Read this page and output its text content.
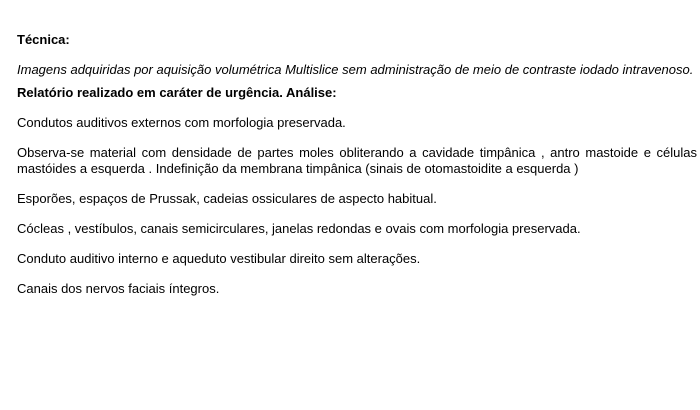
Técnica:
Imagens adquiridas por aquisição volumétrica Multislice sem administração de meio de contraste iodado intravenoso.
Relatório realizado em caráter de urgência. Análise:
Condutos auditivos externos com morfologia preservada.
Observa-se material com densidade de partes moles obliterando a cavidade timpânica , antro mastoide e células mastóides a esquerda . Indefinição da membrana timpânica (sinais de otomastoidite a esquerda )
Esporões, espaços de Prussak, cadeias ossiculares de aspecto habitual.
Cócleas , vestíbulos, canais semicirculares, janelas redondas e ovais com morfologia preservada.
Conduto auditivo interno e aqueduto vestibular direito sem alterações.
Canais dos nervos faciais íntegros.
